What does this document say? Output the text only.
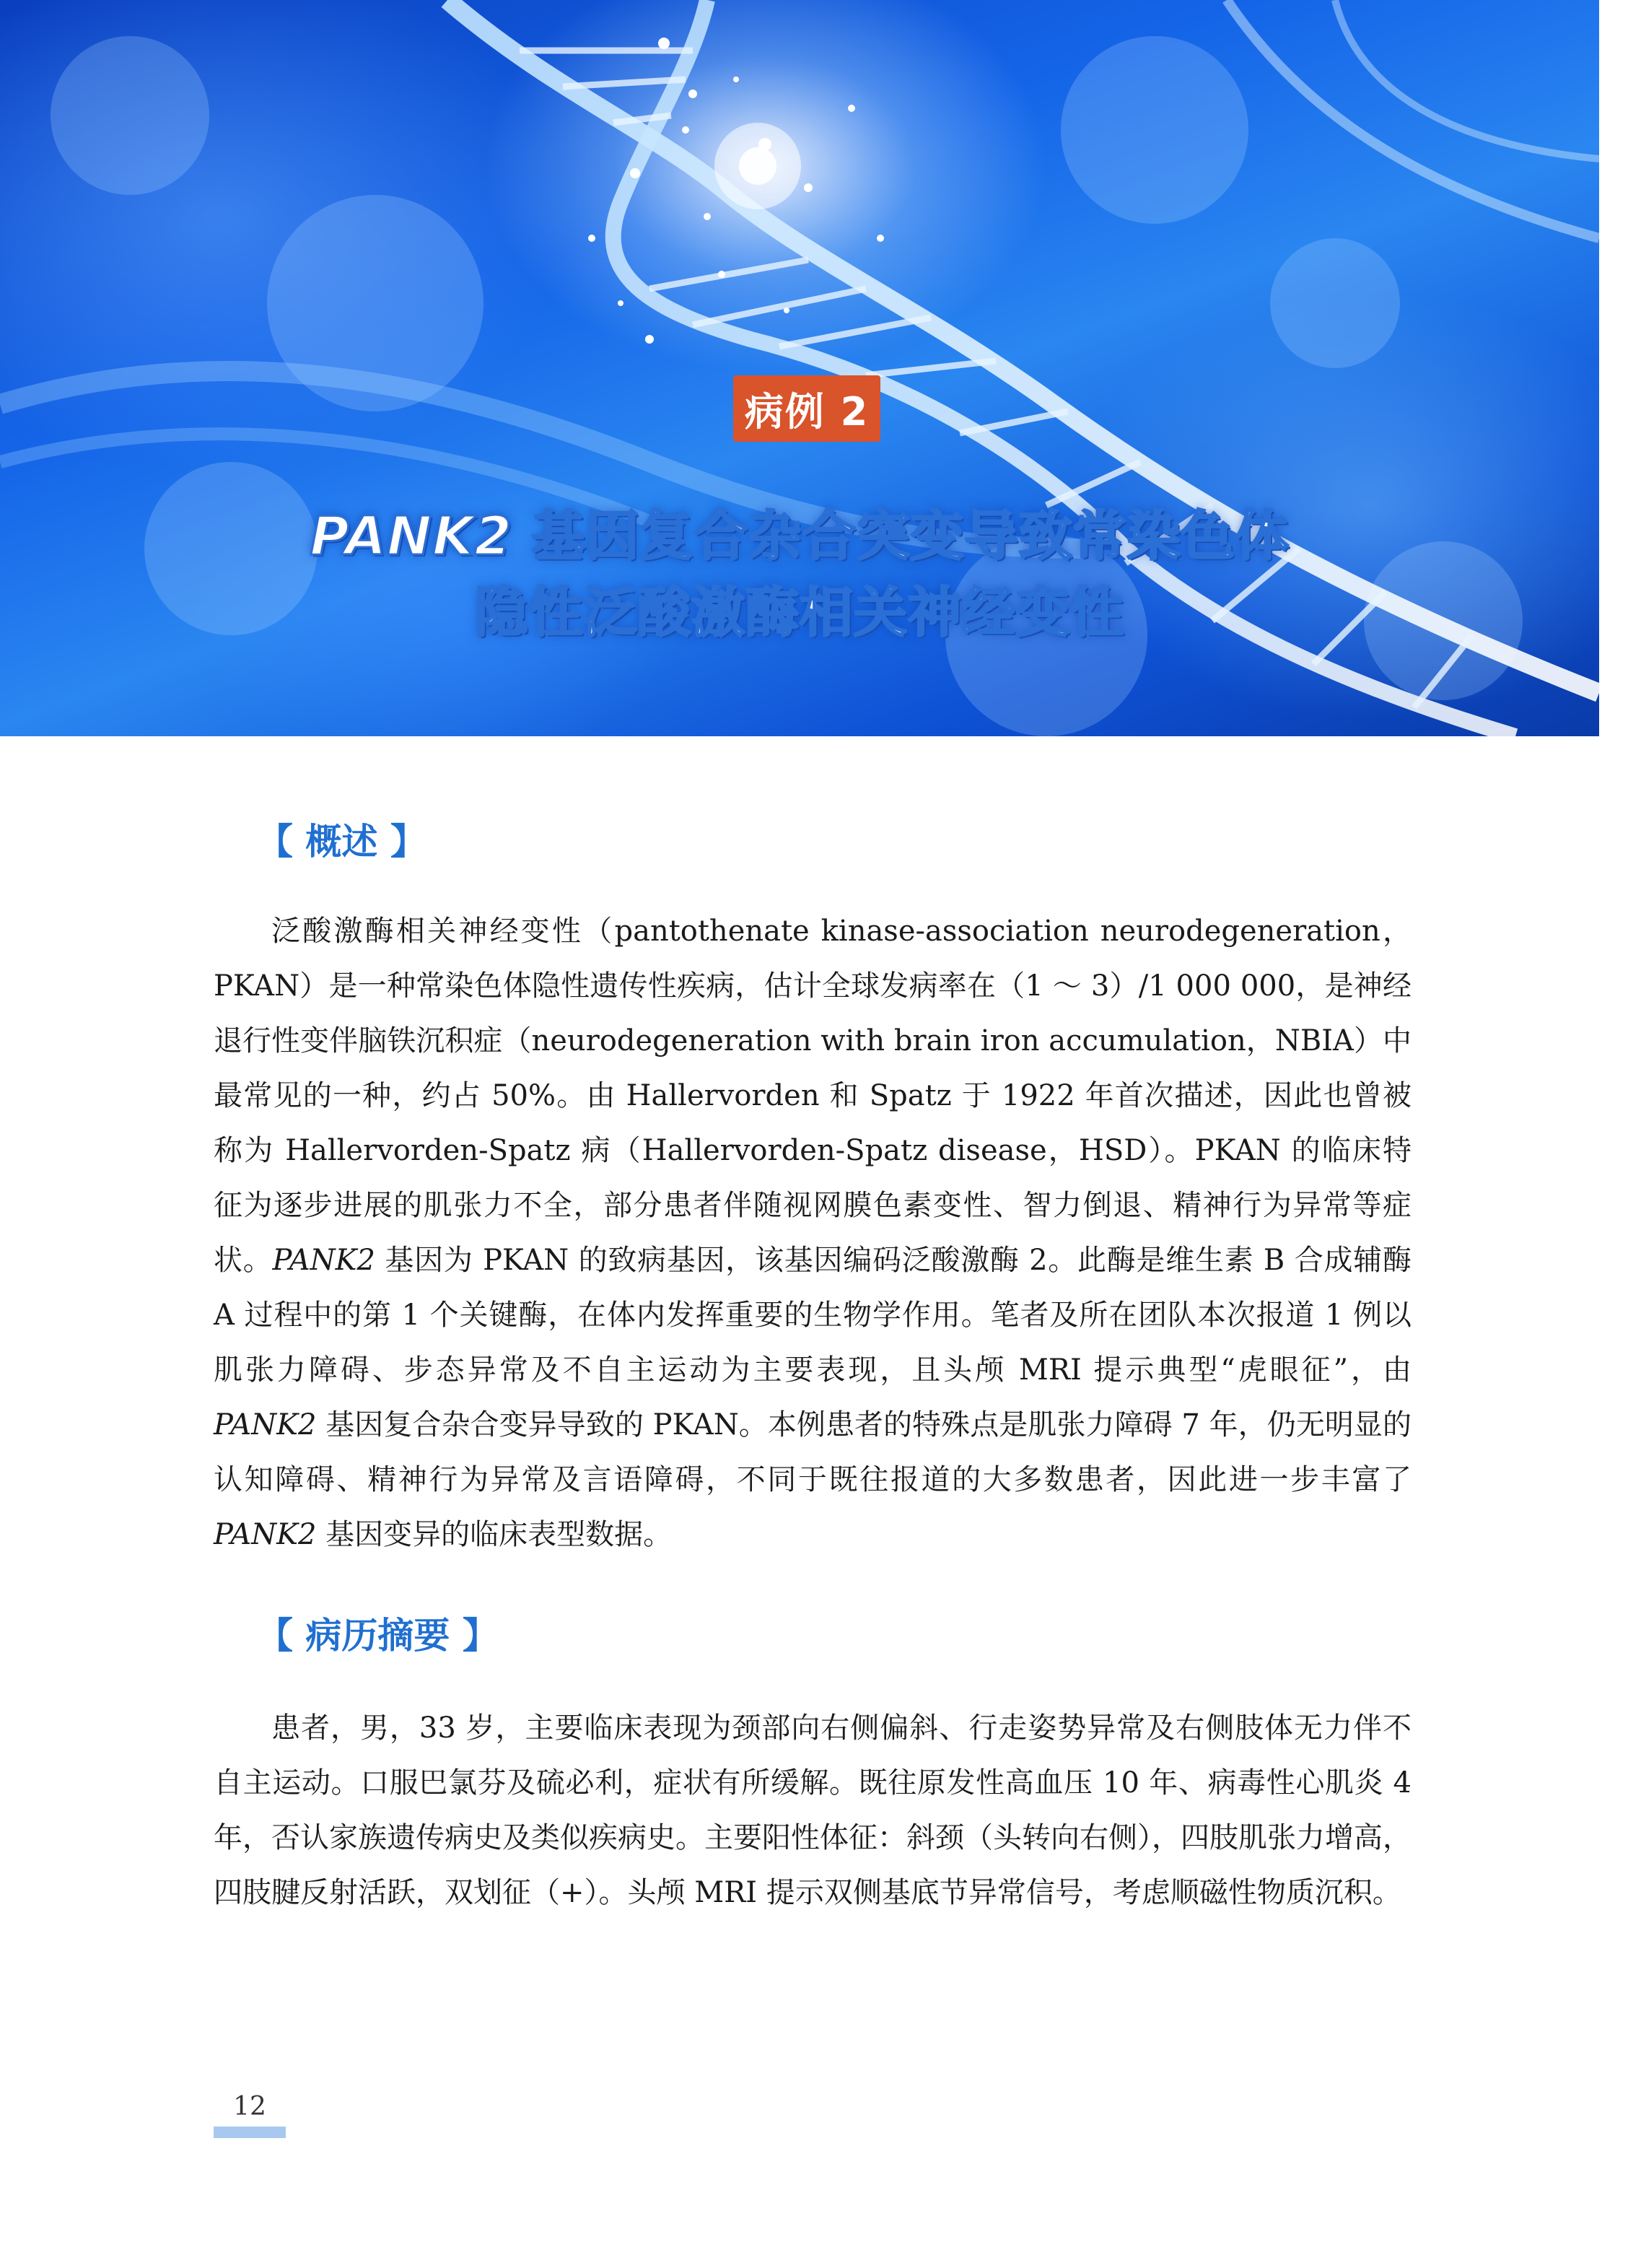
病例 2
PANK2 基因复合杂合突变导致常染色体
隐性泛酸激酶相关神经变性
【 概述 】

泛酸激酶相关神经变性（pantothenate kinase-association neurodegeneration，PKAN）是一种常染色体隐性遗传性疾病，估计全球发病率在（1 ～ 3）/1 000 000，是神经退行性变伴脑铁沉积症（neurodegeneration with brain iron accumulation，NBIA）中最常见的一种，约占 50%。由 Hallervorden 和 Spatz 于 1922 年首次描述，因此也曾被称为 Hallervorden-Spatz 病（Hallervorden-Spatz disease，HSD）。PKAN 的临床特征为逐步进展的肌张力不全，部分患者伴随视网膜色素变性、智力倒退、精神行为异常等症状。PANK2 基因为 PKAN 的致病基因，该基因编码泛酸激酶 2。此酶是维生素 B 合成辅酶 A 过程中的第 1 个关键酶，在体内发挥重要的生物学作用。笔者及所在团队本次报道 1 例以肌张力障碍、步态异常及不自主运动为主要表现，且头颅 MRI 提示典型“虎眼征”，由 PANK2 基因复合杂合变异导致的 PKAN。本例患者的特殊点是肌张力障碍 7 年，仍无明显的认知障碍、精神行为异常及言语障碍，不同于既往报道的大多数患者，因此进一步丰富了 PANK2 基因变异的临床表型数据。

【 病历摘要 】

患者，男，33 岁，主要临床表现为颈部向右侧偏斜、行走姿势异常及右侧肢体无力伴不自主运动。口服巴氯芬及硫必利，症状有所缓解。既往原发性高血压 10 年、病毒性心肌炎 4 年，否认家族遗传病史及类似疾病史。主要阳性体征：斜颈（头转向右侧），四肢肌张力增高，四肢腱反射活跃，双划征（+）。头颅 MRI 提示双侧基底节异常信号，考虑顺磁性物质沉积。

12
